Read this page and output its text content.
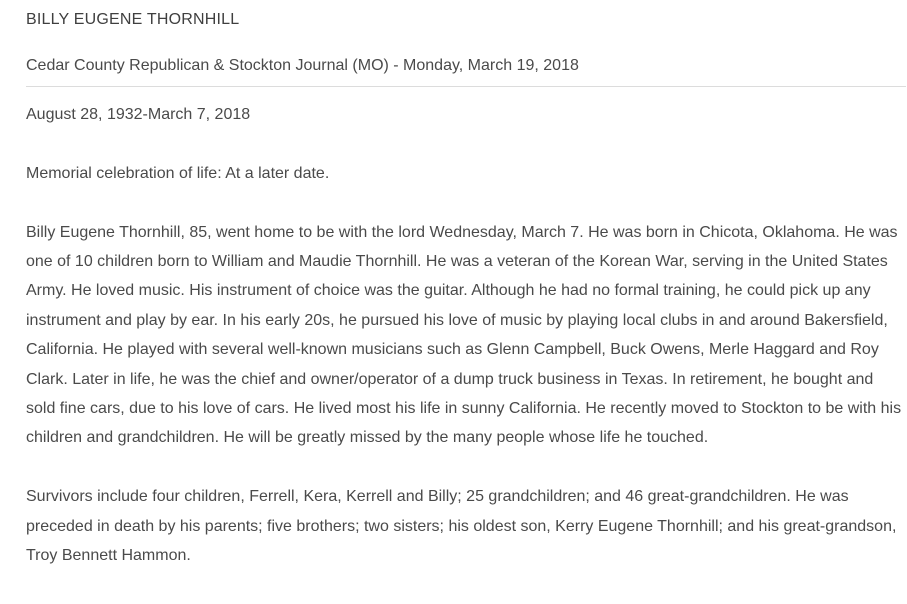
BILLY EUGENE THORNHILL

Cedar County Republican & Stockton Journal (MO) - Monday, March 19, 2018

August 28, 1932-March 7, 2018

Memorial celebration of life: At a later date.

Billy Eugene Thornhill, 85, went home to be with the lord Wednesday, March 7. He was born in Chicota, Oklahoma. He was one of 10 children born to William and Maudie Thornhill. He was a veteran of the Korean War, serving in the United States Army. He loved music. His instrument of choice was the guitar. Although he had no formal training, he could pick up any instrument and play by ear. In his early 20s, he pursued his love of music by playing local clubs in and around Bakersfield, California. He played with several well-known musicians such as Glenn Campbell, Buck Owens, Merle Haggard and Roy Clark. Later in life, he was the chief and owner/operator of a dump truck business in Texas. In retirement, he bought and sold fine cars, due to his love of cars. He lived most his life in sunny California. He recently moved to Stockton to be with his children and grandchildren. He will be greatly missed by the many people whose life he touched.

Survivors include four children, Ferrell, Kera, Kerrell and Billy; 25 grandchildren; and 46 great-grandchildren. He was preceded in death by his parents; five brothers; two sisters; his oldest son, Kerry Eugene Thornhill; and his great-grandson, Troy Bennett Hammon.
